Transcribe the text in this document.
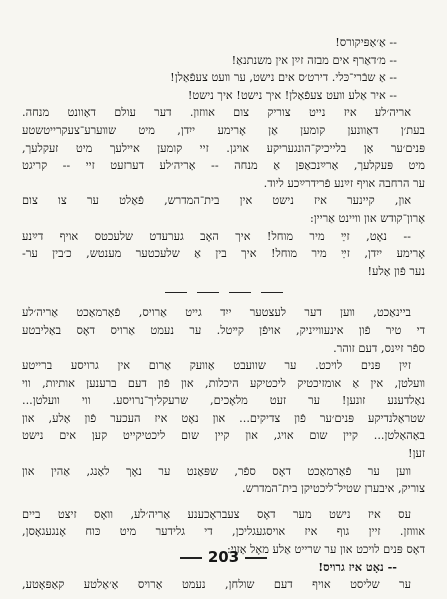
-- אַ׳אַפּיקורס!
-- מ׳דאַרף אים מבזה זײַן אין משנתנאַ!
-- אַ שבֿרי־כּלי. דירט׳ס אים נישט, ער װעט צעפֿאַלן!
-- איר אַלע װעט צעפֿאַלן! איך נישט! איך נישט!
אריה׳לע איז נייט צוריק צום אווזון. דער עולם דאַוונט מנחה.
בעת׳ן דאַוונען קומען אַן אָרימע ייִדן, מיט שװערע־צעקרייטשטע
פּנים׳ער אַן בלייכיק־הונגעריקע אויגן. זיי קומען איילעך מיט זעקלעך,
מיט פּעקלעך, אַרײַנכאַפּן אַ מנחה -- אַריה׳לע דערזעט זיי -- קריגט
ער הרחבה אויף זײַנע פֿרידרײַכע ליוד.
און, קיינער איז נישט אין בית־המדרש, פֿאַלט ער צו צום
אָרון־קודש און װיינט אַריין:
-- נאָט, זײַ מיר מוחל! איך האָב גערעדט שלעכטס אויף דײַנע
אָרימע ייִדן, זײַ מיר מוחל! איך בין אַ שלעכטער מענטש, כ׳בין ער-
נער פֿון אַלע!
ביינאַכט, װען דער לעצטער ייִד גייט אַרויס, פֿאַרמאַכט אַריה׳לע
די טיר פֿון אינעװייניק, אויפֿן קײטל. ער נעמט אַרויס דאָס באַליבטע
ספֿר זײַנס, דעם זוהר.
זײַן פּנים לויכט. ער שוועבט אַוועק אַרום אין גרויסע ברייטע
װעלטן, אין אַ אומזיכטיק ליכטיקע היכלות, און פֿון דעם ברענען אותיות, ווי
נאַלדענע זונען! ער זעט מלאָכים, שרעקליך־נרויסע. ווי וועלטן...
שטראַלנדיקע פּנים׳ער פֿון צדיקים... און נאָט איז העכער פֿון אַלע, און
באַהאַלטן... קיין שום אויג, און קיין שום ליכטיקייט קען אים נישט
זען!
װען ער פֿאַרמאַכט דאָס ספֿר, שפּאַנט ער נאָך לאַנג, אַהין און
צוריק, איבערן שטיל־ליכטיקן בית־המדרש.
עס איז נישט מער דאָס צעבראָכענע אַריה׳לע, וואָס זיצט ביים
אוווזן. זיין גוף איז אויסגעגליכן, די גלידער מיט כּוח אָנגעגאָסן,
דאָס פּנים לויכט און ער שרייט אַלע מאָל אַזוי:
-- נאָט איז גרויס!
ער שליסט אויף דעם שולחן, נעמט אַרויס אַ׳אַלטע קאַפּאָטע,
203
